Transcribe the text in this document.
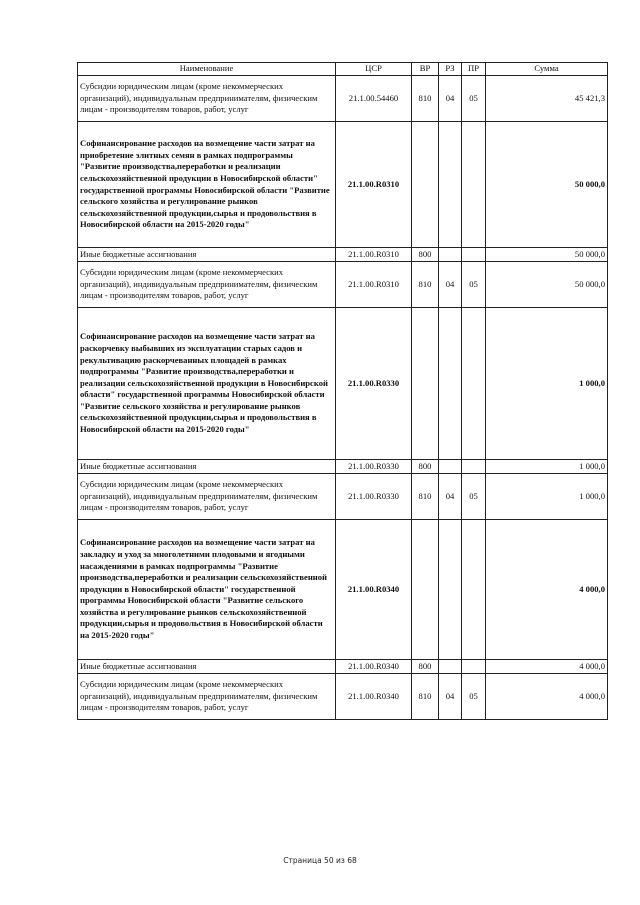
Наименование	ЦСР	ВР	РЗ	ПР	Сумма
Субсидии юридическим лицам (кроме некоммерческих организаций), индивидуальным предпринимателям, физическим лицам - производителям товаров, работ, услуг	21.1.00.54460	810	04	05	45 421,3
Софинансирование расходов на возмещение части затрат на приобретение элитных семян в рамках подпрограммы "Развитие производства,переработки и реализации сельскохозяйственной продукции в Новосибирской области" государственной программы Новосибирской области "Развитие сельского хозяйства и регулирование рынков сельскохозяйственной продукции,сырья и продовольствия в Новосибирской области на 2015-2020 годы"	21.1.00.R0310				50 000,0
Иные бюджетные ассигнования	21.1.00.R0310	800			50 000,0
Субсидии юридическим лицам (кроме некоммерческих организаций), индивидуальным предпринимателям, физическим лицам - производителям товаров, работ, услуг	21.1.00.R0310	810	04	05	50 000,0
Софинансирование расходов на возмещение части затрат на раскорчевку выбывших из эксплуатации старых садов и рекультивацию раскорчеванных площадей в рамках подпрограммы "Развитие производства,переработки и реализации сельскохозяйственной продукции в Новосибирской области" государственной программы Новосибирской области "Развитие сельского хозяйства и регулирование рынков сельскохозяйственной продукции,сырья и продовольствия в Новосибирской области на 2015-2020 годы"	21.1.00.R0330				1 000,0
Иные бюджетные ассигнования	21.1.00.R0330	800			1 000,0
Субсидии юридическим лицам (кроме некоммерческих организаций), индивидуальным предпринимателям, физическим лицам - производителям товаров, работ, услуг	21.1.00.R0330	810	04	05	1 000,0
Софинансирование расходов на возмещение части затрат на закладку и уход за многолетними плодовыми и ягодными насаждениями в рамках подпрограммы "Развитие производства,переработки и реализации сельскохозяйственной продукции в Новосибирской области" государственной программы Новосибирской области "Развитие сельского хозяйства и регулирование рынков сельскохозяйственной продукции,сырья и продовольствия в Новосибирской области на 2015-2020 годы"	21.1.00.R0340				4 000,0
Иные бюджетные ассигнования	21.1.00.R0340	800			4 000,0
Субсидии юридическим лицам (кроме некоммерческих организаций), индивидуальным предпринимателям, физическим лицам - производителям товаров, работ, услуг	21.1.00.R0340	810	04	05	4 000,0
Страница 50 из 68
